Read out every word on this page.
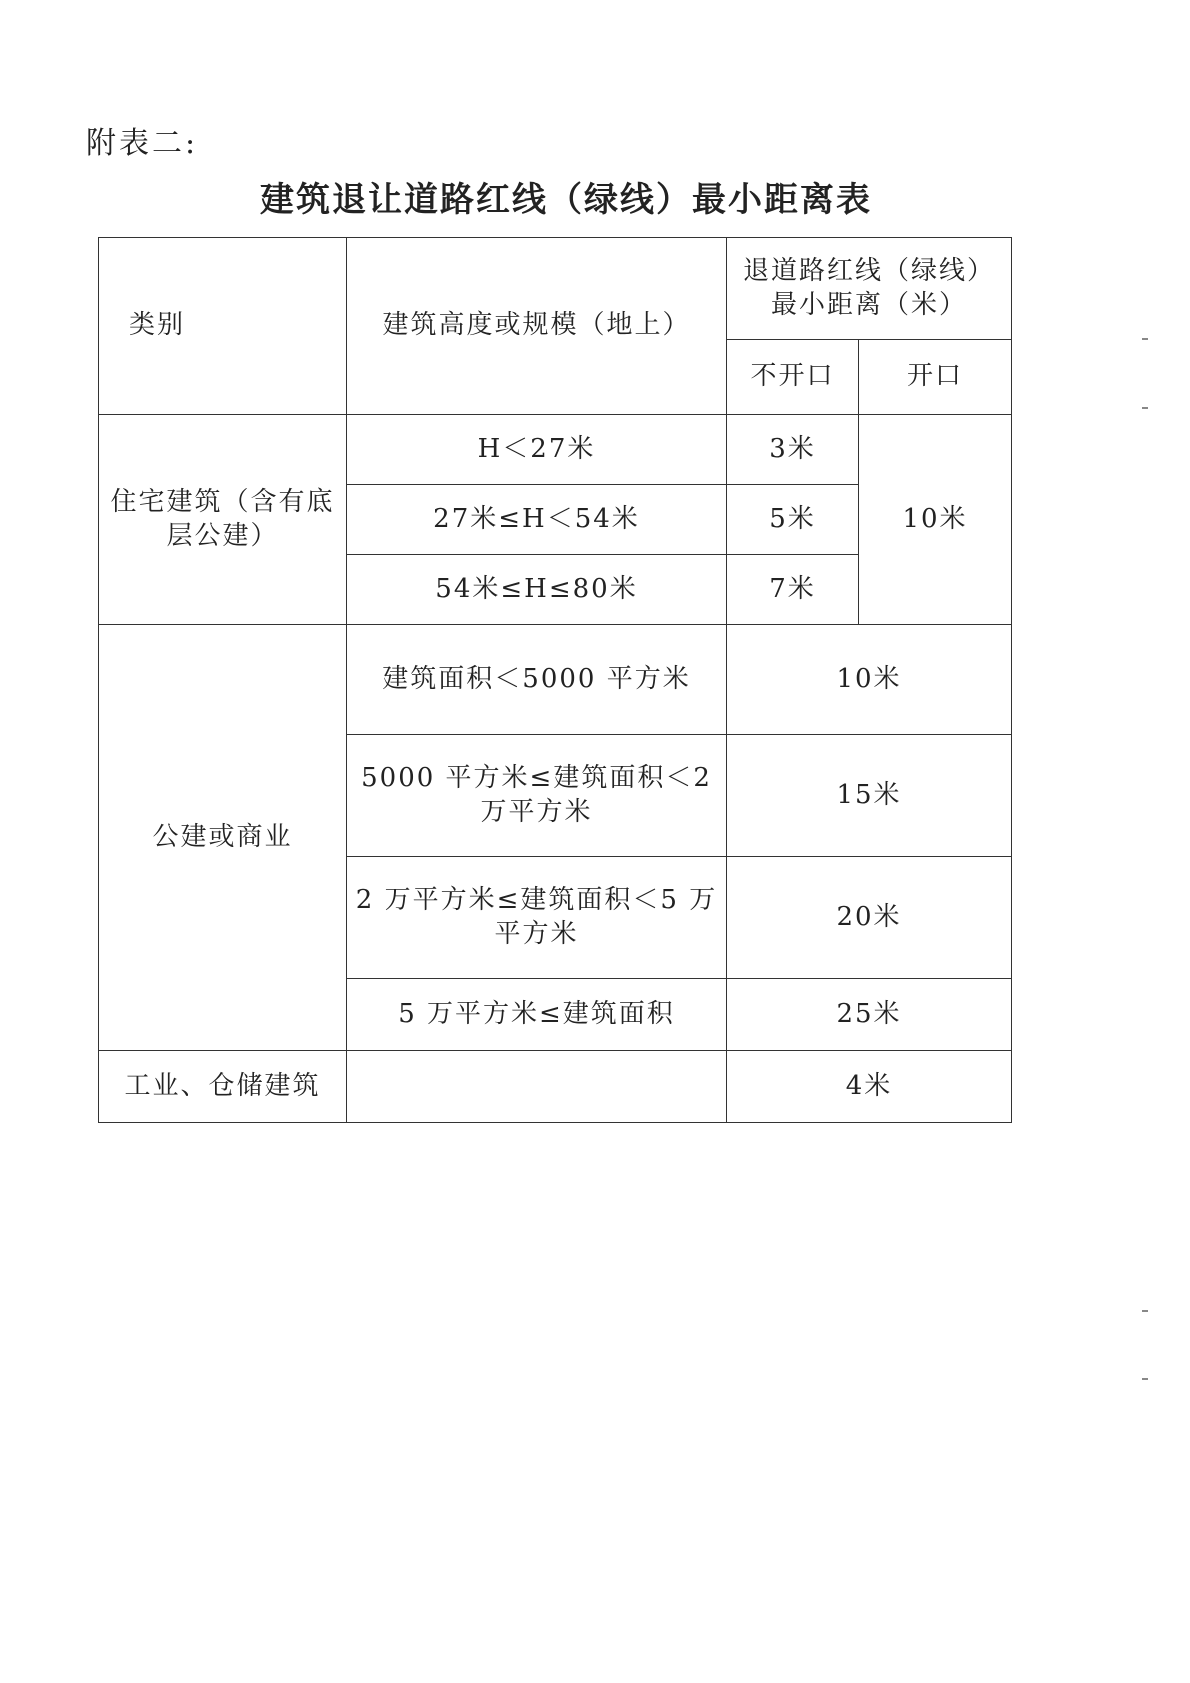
附表二:
建筑退让道路红线（绿线）最小距离表
类别	建筑高度或规模（地上）	退道路红线（绿线）最小距离（米）	
		不开口	开口
住宅建筑（含有底层公建）	H＜27米	3米	10米
	27米≤H＜54米	5米	
	54米≤H≤80米	7米	
公建或商业	建筑面积＜5000 平方米	10米	
	5000 平方米≤建筑面积＜2 万平方米	15米	
	2 万平方米≤建筑面积＜5 万平方米	20米	
	5 万平方米≤建筑面积	25米	
工业、仓储建筑		4米	
